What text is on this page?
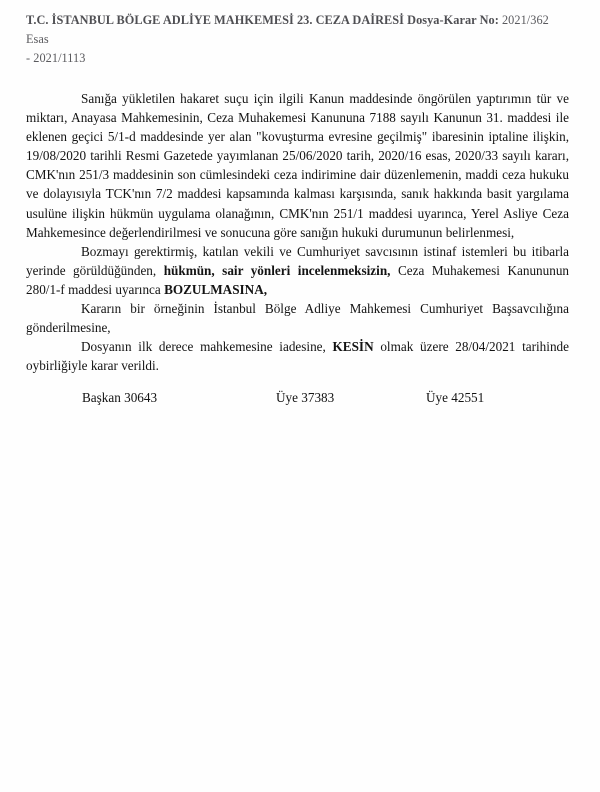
T.C. İSTANBUL BÖLGE ADLİYE MAHKEMESİ 23. CEZA DAİRESİ Dosya-Karar No: 2021/362 Esas
- 2021/1113

Sanığa yükletilen hakaret suçu için ilgili Kanun maddesinde öngörülen yaptırımın tür ve miktarı, Anayasa Mahkemesinin, Ceza Muhakemesi Kanununa 7188 sayılı Kanunun 31. maddesi ile eklenen geçici 5/1-d maddesinde yer alan "kovuşturma evresine geçilmiş" ibaresinin iptaline ilişkin, 19/08/2020 tarihli Resmi Gazetede yayımlanan 25/06/2020 tarih, 2020/16 esas, 2020/33 sayılı kararı, CMK'nın 251/3 maddesinin son cümlesindeki ceza indirimine dair düzenlemenin, maddi ceza hukuku ve dolayısıyla TCK'nın 7/2 maddesi kapsamında kalması karşısında, sanık hakkında basit yargılama usulüne ilişkin hükmün uygulama olanağının, CMK'nın 251/1 maddesi uyarınca, Yerel Asliye Ceza Mahkemesince değerlendirilmesi ve sonucuna göre sanığın hukuki durumunun belirlenmesi,

Bozmayı gerektirmiş, katılan vekili ve Cumhuriyet savcısının istinaf istemleri bu itibarla yerinde görüldüğünden, hükmün, sair yönleri incelenmeksizin, Ceza Muhakemesi Kanununun 280/1-f maddesi uyarınca BOZULMASINA,

Kararın bir örneğinin İstanbul Bölge Adliye Mahkemesi Cumhuriyet Başsavcılığına gönderilmesine,

Dosyanın ilk derece mahkemesine iadesine, KESİN olmak üzere 28/04/2021 tarihinde oybirliğiyle karar verildi.

Başkan 30643	Üye 37383	Üye 42551
